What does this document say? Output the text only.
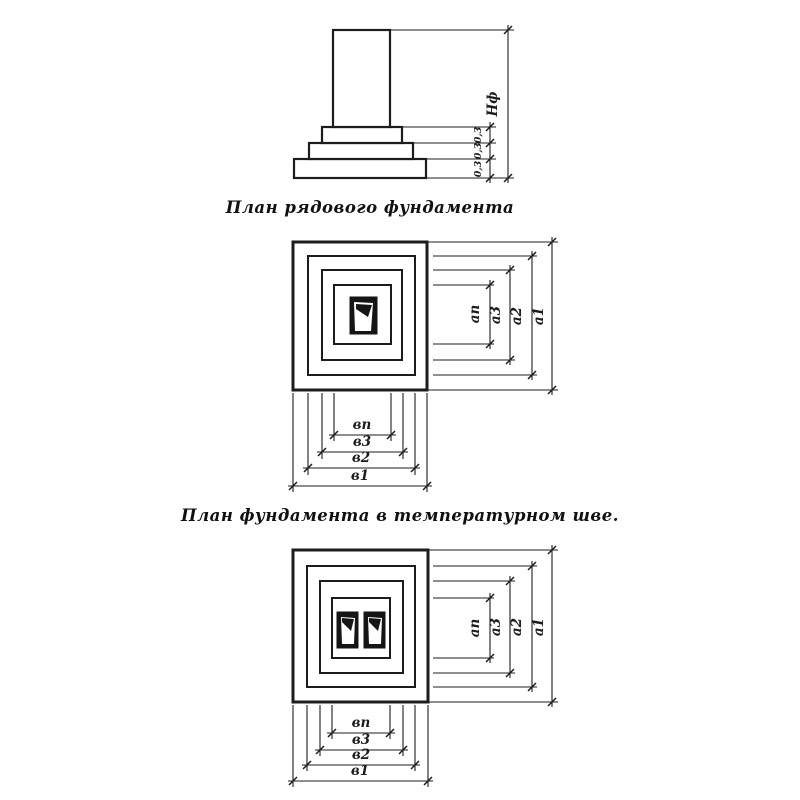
Нф
0,3
0,3
0,3
План рядового фундамента
ап а3 а2 а1
вп
в3
в2
в1
План фундамента в температурном шве.
ап а3 а2 а1
вп
в3
в2
в1
